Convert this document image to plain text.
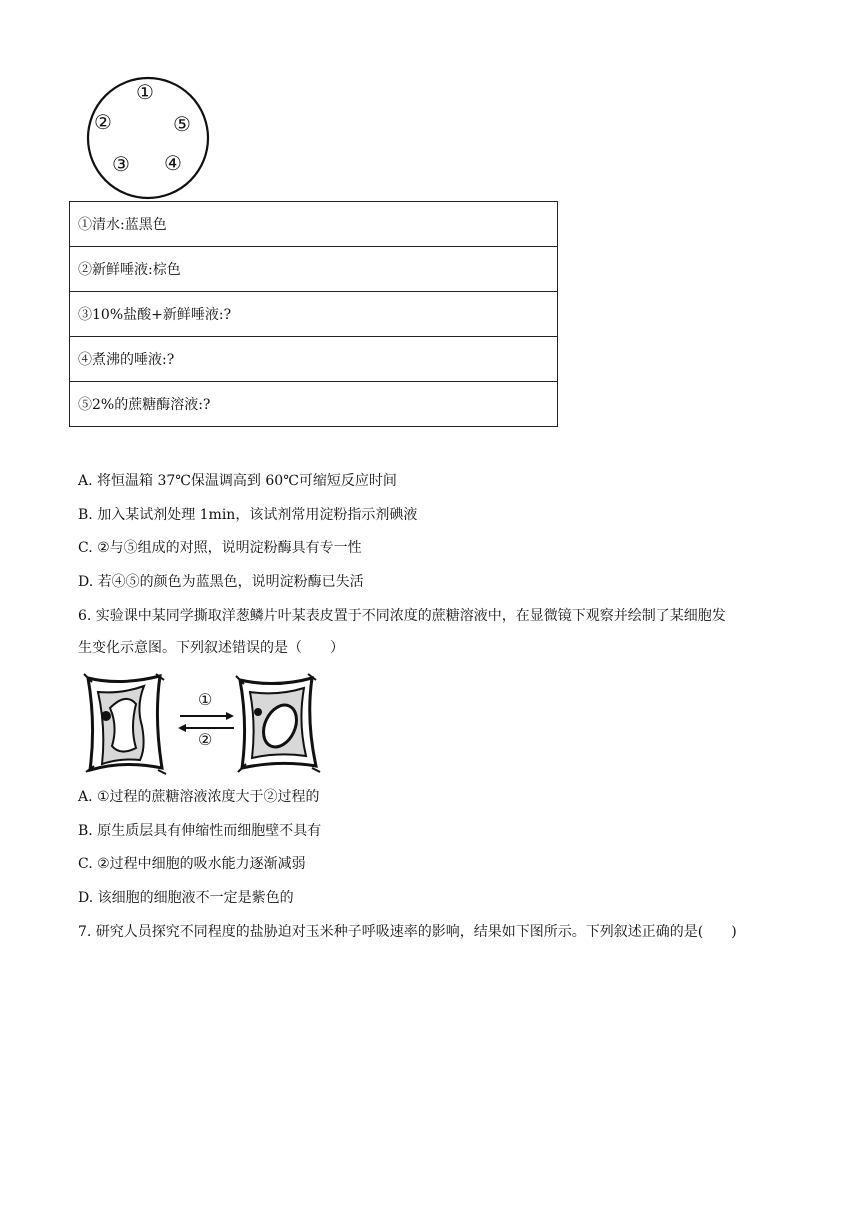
①
②
③ ④
⑤
①清水:蓝黑色
②新鲜唾液:棕色
③10%盐酸+新鲜唾液:?
④煮沸的唾液:?
⑤2%的蔗糖酶溶液:?
A. 将恒温箱 37℃保温调高到 60℃可缩短反应时间
B. 加入某试剂处理 1min，该试剂常用淀粉指示剂碘液
C. ②与⑤组成的对照，说明淀粉酶具有专一性
D. 若④⑤的颜色为蓝黑色，说明淀粉酶已失活
6. 实验课中某同学撕取洋葱鳞片叶某表皮置于不同浓度的蔗糖溶液中，在显微镜下观察并绘制了某细胞发
生变化示意图。下列叙述错误的是（　　）
①
②
A. ①过程的蔗糖溶液浓度大于②过程的
B. 原生质层具有伸缩性而细胞壁不具有
C. ②过程中细胞的吸水能力逐渐减弱
D. 该细胞的细胞液不一定是紫色的
7. 研究人员探究不同程度的盐胁迫对玉米种子呼吸速率的影响，结果如下图所示。下列叙述正确的是(　　)
